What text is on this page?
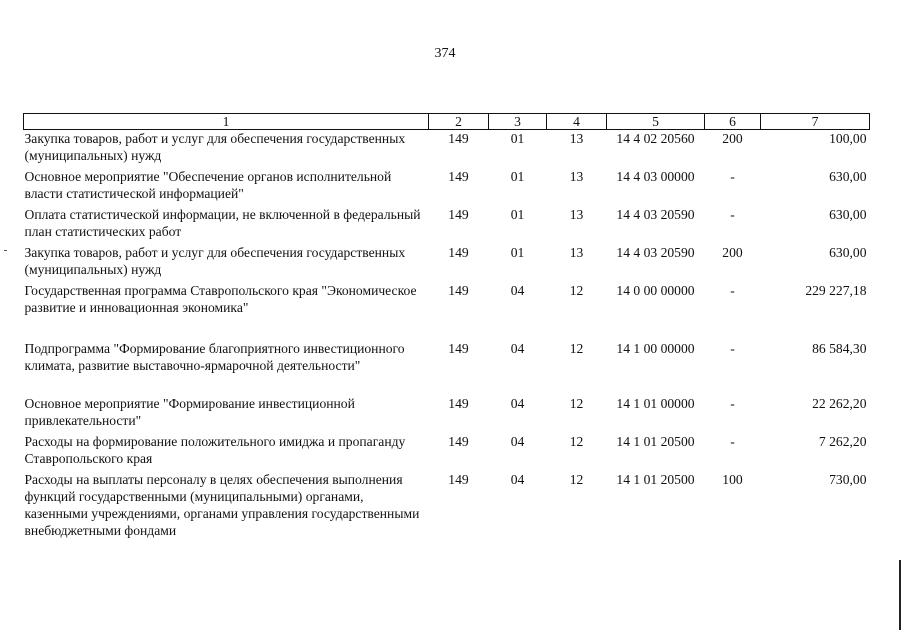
374
1	2	3	4	5	6	7
Закупка товаров, работ и услуг для обеспечения государственных (муниципальных) нужд	149	01	13	14 4 02 20560	200	100,00
Основное мероприятие "Обеспечение органов исполнительной власти статистической информацией"	149	01	13	14 4 03 00000	-	630,00
Оплата статистической информации, не включенной в федеральный план статистических работ	149	01	13	14 4 03 20590	-	630,00
Закупка товаров, работ и услуг для обеспечения государственных (муниципальных) нужд	149	01	13	14 4 03 20590	200	630,00
Государственная программа Ставропольского края "Экономическое развитие и инновационная экономика"	149	04	12	14 0 00 00000	-	229 227,18
Подпрограмма "Формирование благоприятного инвестиционного климата, развитие выставочно-ярмарочной деятельности"	149	04	12	14 1 00 00000	-	86 584,30
Основное мероприятие "Формирование инвестиционной привлекательности"	149	04	12	14 1 01 00000	-	22 262,20
Расходы на формирование положительного имиджа и пропаганду Ставропольского края	149	04	12	14 1 01 20500	-	7 262,20
Расходы на выплаты персоналу в целях обеспечения выполнения функций государственными (муниципальными) органами, казенными учреждениями, органами управления государственными внебюджетными фондами	149	04	12	14 1 01 20500	100	730,00
